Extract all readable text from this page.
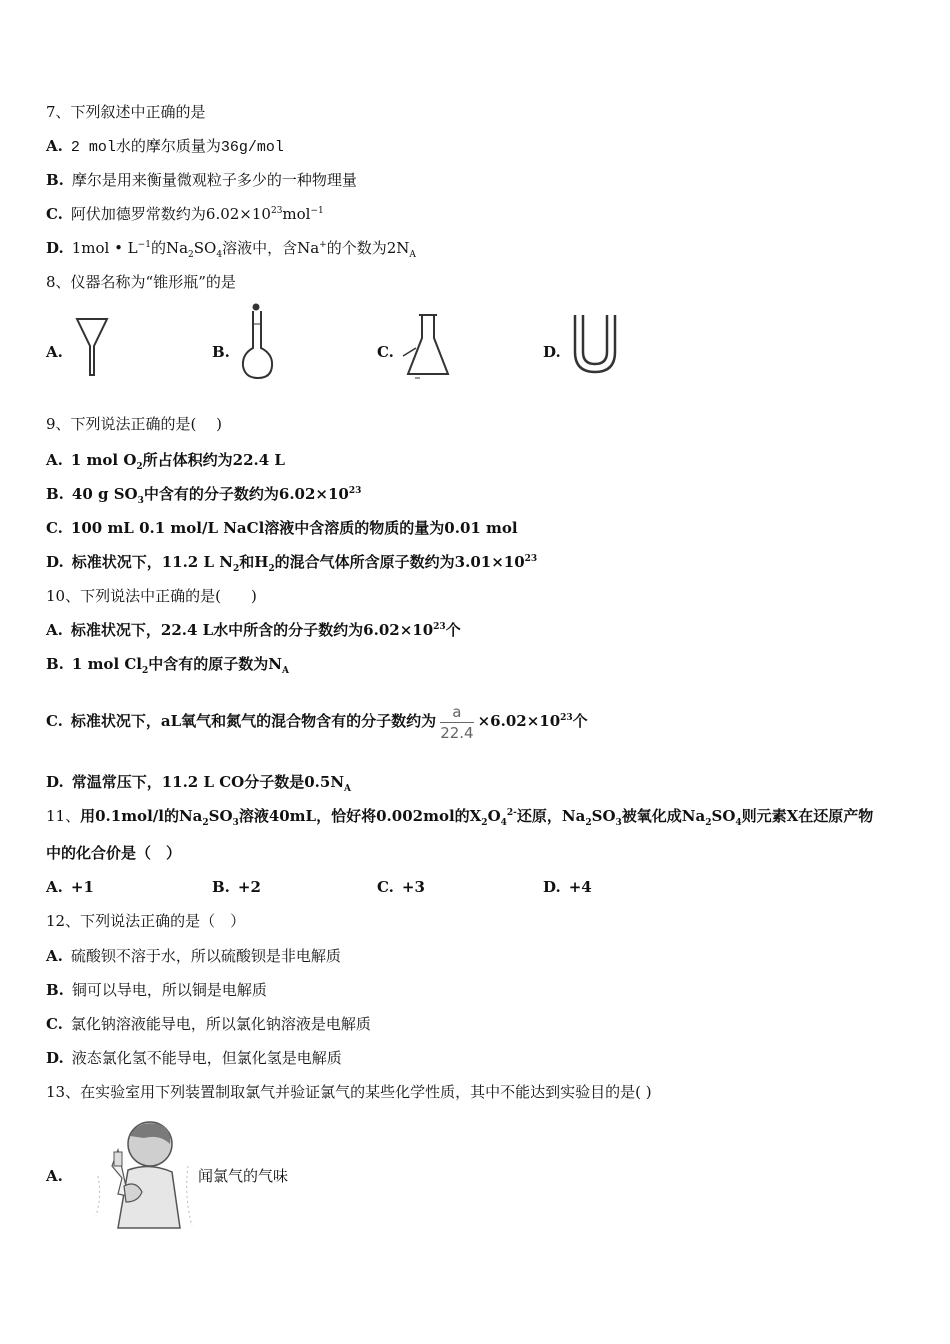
7、下列叙述中正确的是
A. 2 mol水的摩尔质量为36g/mol
B. 摩尔是用来衡量微观粒子多少的一种物理量
C. 阿伏加德罗常数约为$6.02\times 10^{23}mol^{-1}$
D. 1mol • $L^{-1}$的$Na_2SO_4$溶液中，含Na+的个数为$2N_A$
8、仪器名称为“锥形瓶”的是
A.	B.	C.	D.
9、下列说法正确的是(　 )
A. 1 mol $O_2$所占体积约为22.4 L
B. 40 g $SO_3$中含有的分子数约为$6.02\times 10^{23}$
C. 100 mL 0.1 mol/L NaCl溶液中含溶质的物质的量为0.01 mol
D. 标准状况下，11.2 L $N_2$和$H_2$的混合气体所含原子数约为$3.01\times 10^{23}$
10、下列说法中正确的是(　　)
A. 标准状况下，22.4 L水中所含的分子数约为$6.02\times 10^{23}$个
B. 1 mol $Cl_2$中含有的原子数为$N_A$
C. 标准状况下，aL氧气和氮气的混合物含有的分子数约为 $\frac{a}{22.4} \times 6.02\times 10^{23}$个
D. 常温常压下，11.2 L CO分子数是$0.5N_A$
11、用0.1mol/l的$Na_2SO_3$溶液40mL，恰好将0.002mol的$X_2O_4^{2-}$还原，$Na_2SO_3$被氧化成$Na_2SO_4$则元素X在还原产物
中的化合价是（　）
A. +1	B. +2	C. +3	D. +4
12、下列说法正确的是（　）
A. 硫酸钡不溶于水，所以硫酸钡是非电解质
B. 铜可以导电，所以铜是电解质
C. 氯化钠溶液能导电，所以氯化钠溶液是电解质
D. 液态氯化氢不能导电，但氯化氢是电解质
13、在实验室用下列装置制取氯气并验证氯气的某些化学性质，其中不能达到实验目的是( )
A.	闻氯气的气味
